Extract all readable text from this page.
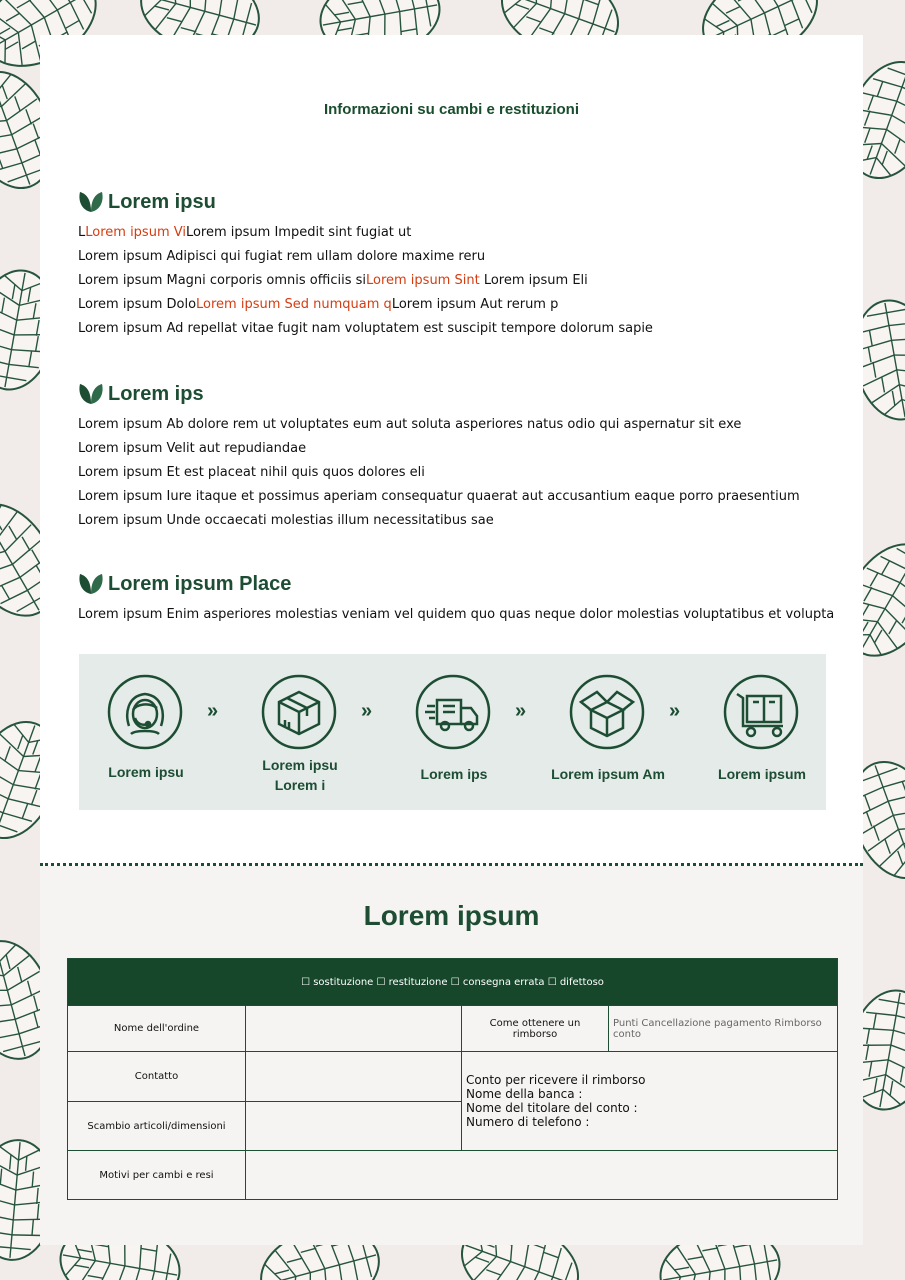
Informazioni su cambi e restituzioni
Lorem ipsu
LLorem ipsum ViLorem ipsum Impedit sint fugiat ut
Lorem ipsum Adipisci qui fugiat rem ullam dolore maxime reru
Lorem ipsum Magni corporis omnis officiis siLorem ipsum Sint Lorem ipsum Eli
Lorem ipsum DoloLorem ipsum Sed numquam qLorem ipsum Aut rerum p
Lorem ipsum Ad repellat vitae fugit nam voluptatem est suscipit tempore dolorum sapie
Lorem ips
Lorem ipsum Ab dolore rem ut voluptates eum aut soluta asperiores natus odio qui aspernatur sit exe
Lorem ipsum Velit aut repudiandae
Lorem ipsum Et est placeat nihil quis quos dolores eli
Lorem ipsum Iure itaque et possimus aperiam consequatur quaerat aut accusantium eaque porro praesentium
Lorem ipsum Unde occaecati molestias illum necessitatibus sae
Lorem ipsum Place
Lorem ipsum Enim asperiores molestias veniam vel quidem quo quas neque dolor molestias voluptatibus et volupta
Lorem ipsu
»
Lorem ipsu
Lorem i
»
Lorem ips
»
Lorem ipsum Am
»
Lorem ipsum
Lorem ipsum
☐ sostituzione ☐ restituzione ☐ consegna errata ☐ difettoso			
Nome dell'ordine		Come ottenere un rimborso	Punti Cancellazione pagamento Rimborso conto
Contatto		Conto per ricevere il rimborso
Nome della banca :
Nome del titolare del conto :
Numero di telefono :	

Scambio articoli/dimensioni			
Motivi per cambi e resi			
